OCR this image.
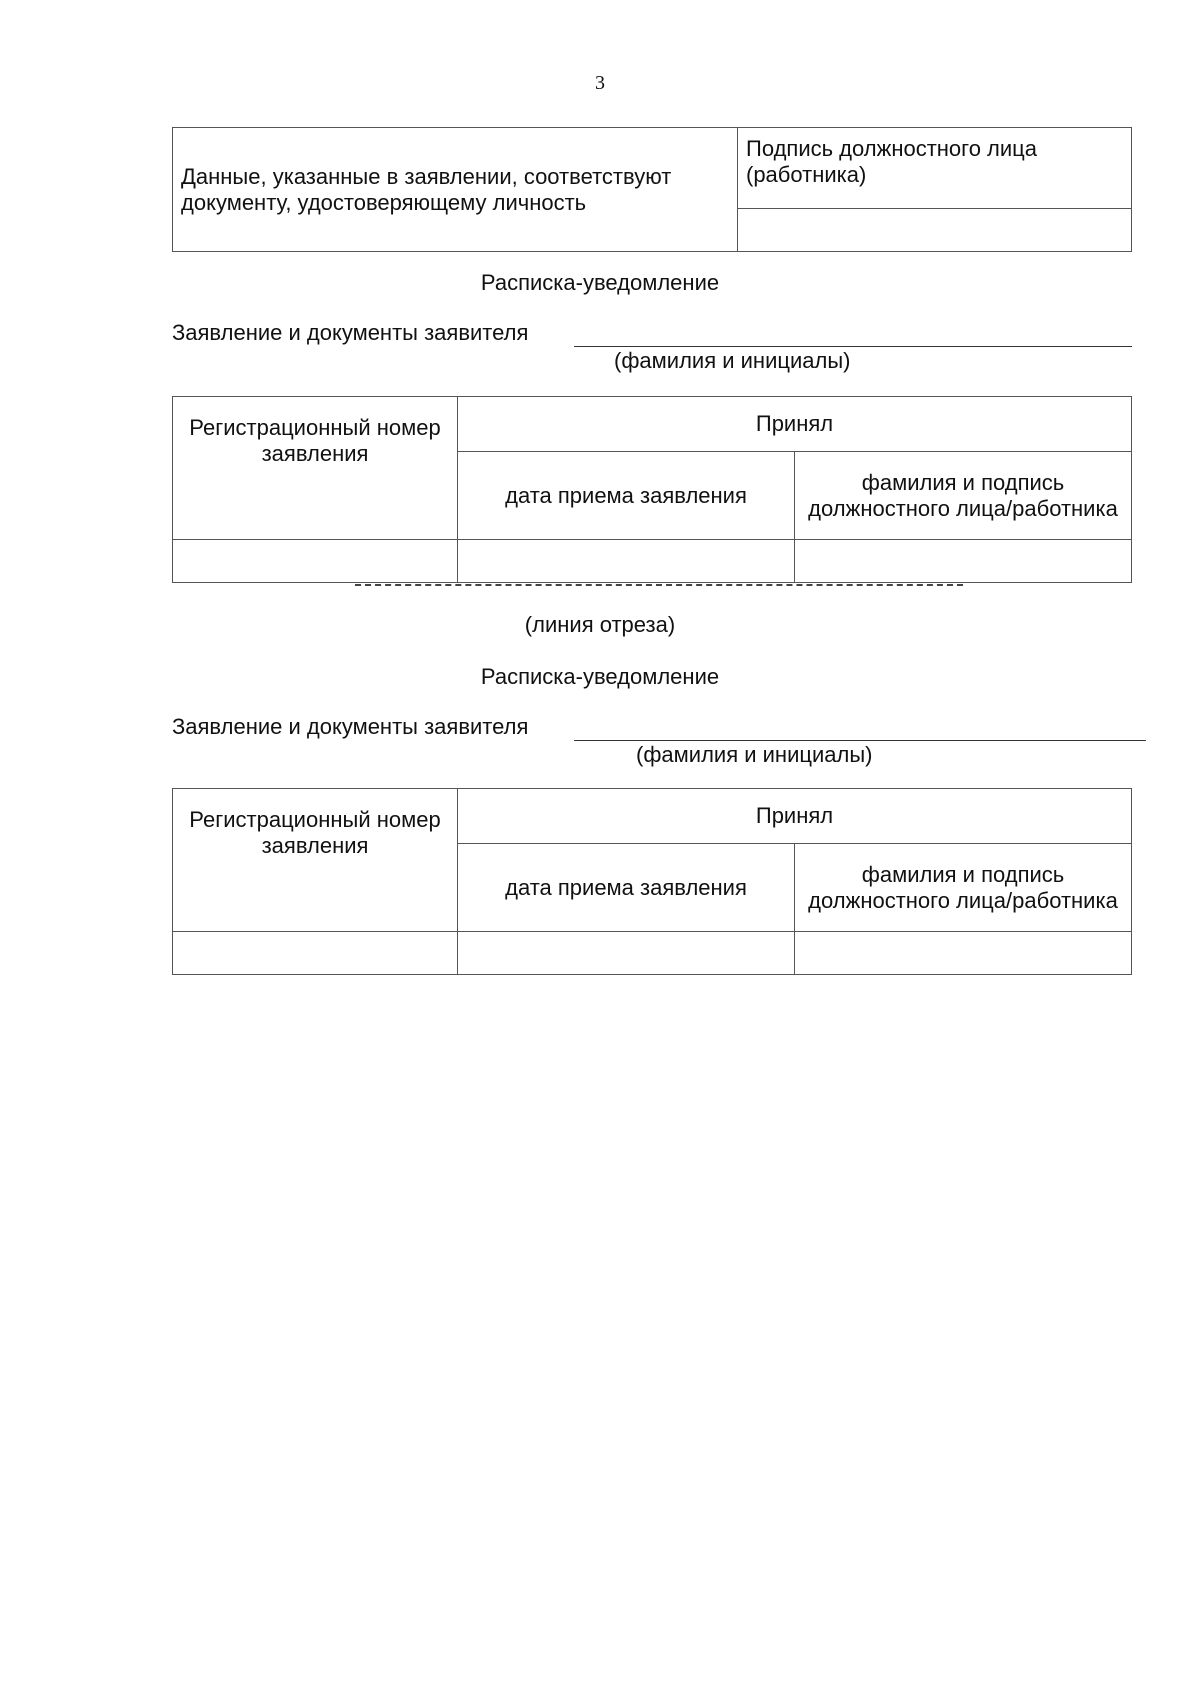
3
Данные, указанные в заявлении, соответствуют документу, удостоверяющему личность	Подпись должностного лица (работника)

Расписка-уведомление
Заявление и документы заявителя
(фамилия и инициалы)
Регистрационный номер заявления	Принял	
	дата приема заявления	фамилия и подпись должностного лица/работника

(линия отреза)
Расписка-уведомление
Заявление и документы заявителя
(фамилия и инициалы)
Регистрационный номер заявления	Принял	
	дата приема заявления	фамилия и подпись должностного лица/работника
